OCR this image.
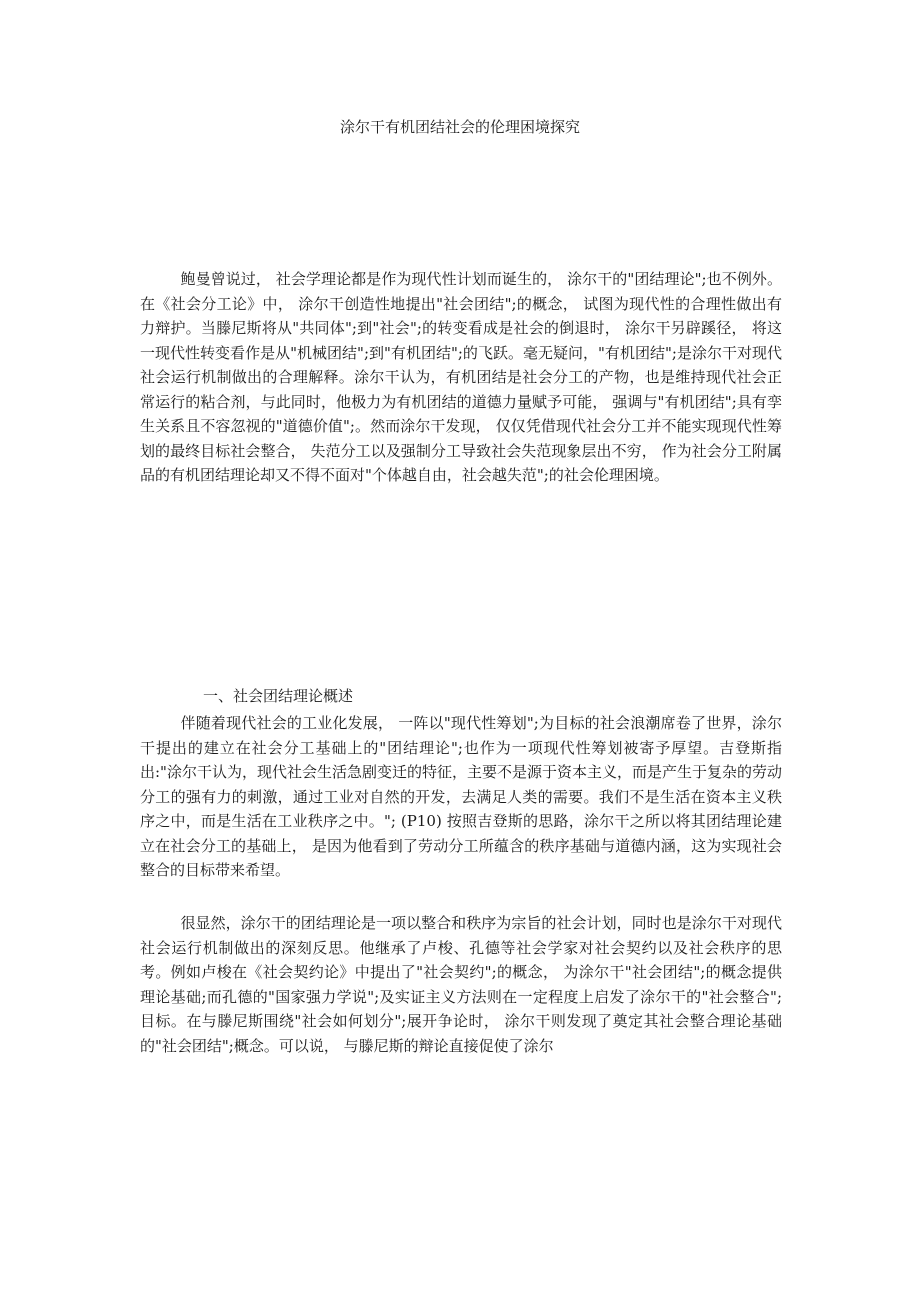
涂尔干有机团结社会的伦理困境探究

鲍曼曾说过， 社会学理论都是作为现代性计划而诞生的， 涂尔干的"团结理论";也不例外。在《社会分工论》中， 涂尔干创造性地提出"社会团结";的概念， 试图为现代性的合理性做出有力辩护。当滕尼斯将从"共同体";到"社会";的转变看成是社会的倒退时， 涂尔干另辟蹊径， 将这一现代性转变看作是从"机械团结";到"有机团结";的飞跃。毫无疑问，"有机团结";是涂尔干对现代社会运行机制做出的合理解释。涂尔干认为，有机团结是社会分工的产物，也是维持现代社会正常运行的粘合剂，与此同时，他极力为有机团结的道德力量赋予可能， 强调与"有机团结";具有孪生关系且不容忽视的"道德价值";。然而涂尔干发现， 仅仅凭借现代社会分工并不能实现现代性筹划的最终目标社会整合， 失范分工以及强制分工导致社会失范现象层出不穷， 作为社会分工附属品的有机团结理论却又不得不面对"个体越自由，社会越失范";的社会伦理困境。

一、社会团结理论概述

伴随着现代社会的工业化发展， 一阵以"现代性筹划";为目标的社会浪潮席卷了世界，涂尔干提出的建立在社会分工基础上的"团结理论";也作为一项现代性筹划被寄予厚望。吉登斯指出:"涂尔干认为，现代社会生活急剧变迁的特征，主要不是源于资本主义，而是产生于复杂的劳动分工的强有力的刺激，通过工业对自然的开发，去满足人类的需要。我们不是生活在资本主义秩序之中，而是生活在工业秩序之中。"; (P10) 按照吉登斯的思路，涂尔干之所以将其团结理论建立在社会分工的基础上， 是因为他看到了劳动分工所蕴含的秩序基础与道德内涵，这为实现社会整合的目标带来希望。

很显然，涂尔干的团结理论是一项以整合和秩序为宗旨的社会计划，同时也是涂尔干对现代社会运行机制做出的深刻反思。他继承了卢梭、孔德等社会学家对社会契约以及社会秩序的思考。例如卢梭在《社会契约论》中提出了"社会契约";的概念， 为涂尔干"社会团结";的概念提供理论基础;而孔德的"国家强力学说";及实证主义方法则在一定程度上启发了涂尔干的"社会整合";目标。在与滕尼斯围绕"社会如何划分";展开争论时， 涂尔干则发现了奠定其社会整合理论基础的"社会团结";概念。可以说， 与滕尼斯的辩论直接促使了涂尔
